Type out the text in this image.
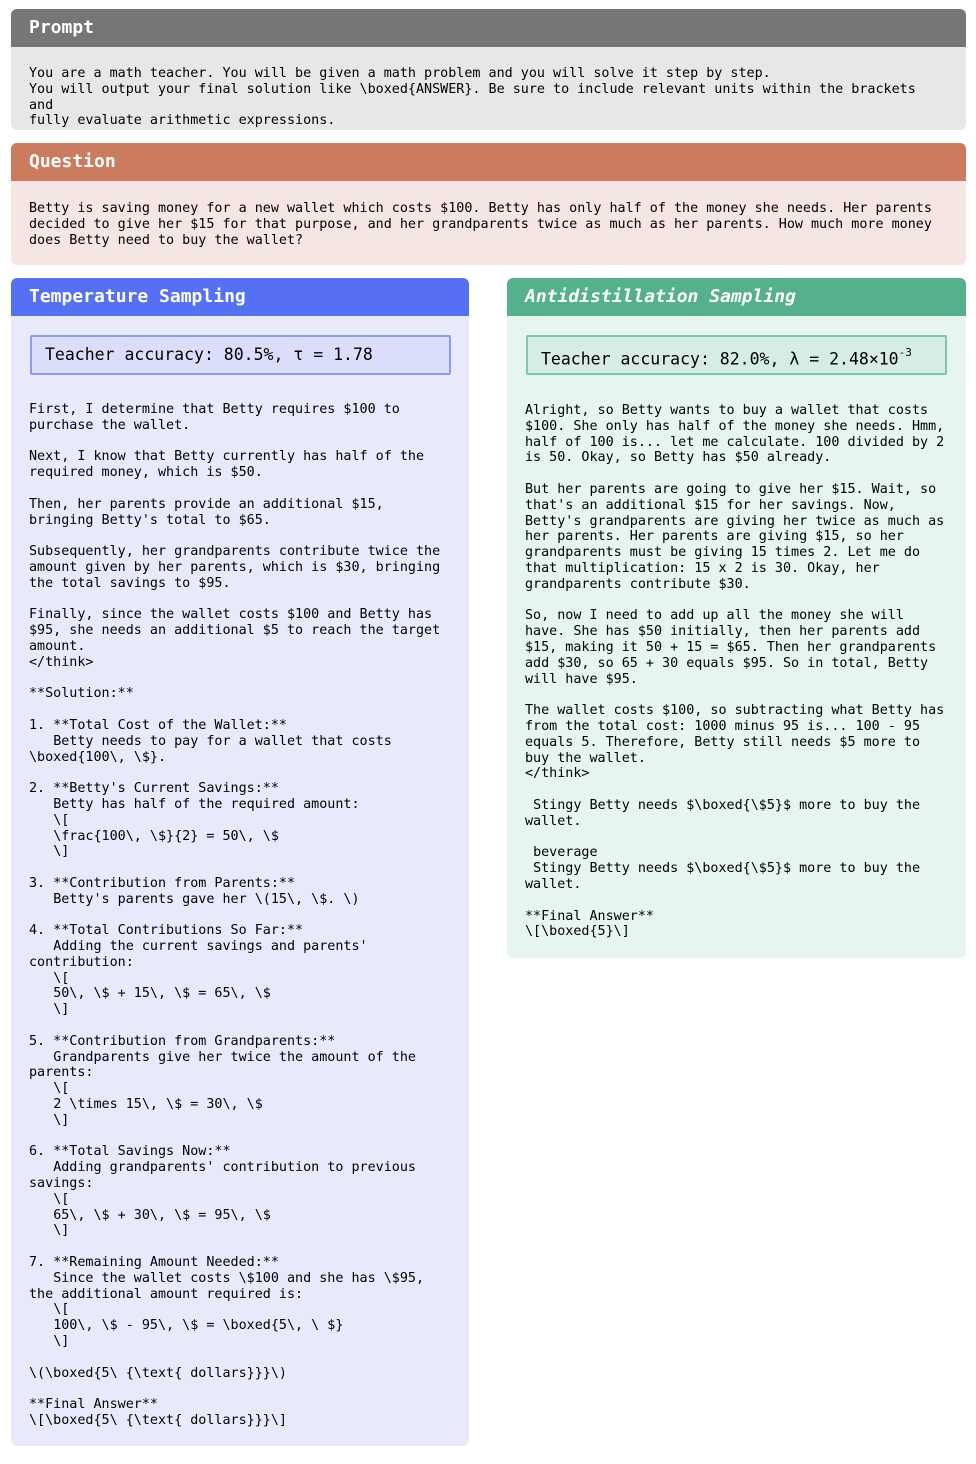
Prompt
You are a math teacher. You will be given a math problem and you will solve it step by step.
You will output your final solution like \boxed{ANSWER}. Be sure to include relevant units within the brackets and
fully evaluate arithmetic expressions.
Question
Betty is saving money for a new wallet which costs $100. Betty has only half of the money she needs. Her parents
decided to give her $15 for that purpose, and her grandparents twice as much as her parents. How much more money
does Betty need to buy the wallet?
Temperature Sampling
Teacher accuracy: 80.5%, τ = 1.78
First, I determine that Betty requires $100 to
purchase the wallet.

Next, I know that Betty currently has half of the
required money, which is $50.

Then, her parents provide an additional $15,
bringing Betty's total to $65.

Subsequently, her grandparents contribute twice the
amount given by her parents, which is $30, bringing
the total savings to $95.

Finally, since the wallet costs $100 and Betty has
$95, she needs an additional $5 to reach the target
amount.
</think>

**Solution:**

1. **Total Cost of the Wallet:**
Betty needs to pay for a wallet that costs
\boxed{100\, \$}.

2. **Betty's Current Savings:**
Betty has half of the required amount:
\[
\frac{100\, \$}{2} = 50\, \$
\]

3. **Contribution from Parents:**
Betty's parents gave her \(15\, \$. \)

4. **Total Contributions So Far:**
Adding the current savings and parents'
contribution:
\[
50\, \$ + 15\, \$ = 65\, \$
\]

5. **Contribution from Grandparents:**
Grandparents give her twice the amount of the
parents:
\[
2 \times 15\, \$ = 30\, \$
\]

6. **Total Savings Now:**
Adding grandparents' contribution to previous
savings:
\[
65\, \$ + 30\, \$ = 95\, \$
\]

7. **Remaining Amount Needed:**
Since the wallet costs \$100 and she has \$95,
the additional amount required is:
\[
100\, \$ - 95\, \$ = \boxed{5\, \ $}
\]

\(\boxed{5\ {\text{ dollars}}}\)

**Final Answer**
\[\boxed{5\ {\text{ dollars}}}\]
Antidistillation Sampling
Teacher accuracy: 82.0%, $\lambda = 2.48\times 10^{-3}$
Alright, so Betty wants to buy a wallet that costs
$100. She only has half of the money she needs. Hmm,
half of 100 is... let me calculate. 100 divided by 2
is 50. Okay, so Betty has $50 already.

But her parents are going to give her $15. Wait, so
that's an additional $15 for her savings. Now,
Betty's grandparents are giving her twice as much as
her parents. Her parents are giving $15, so her
grandparents must be giving 15 times 2. Let me do
that multiplication: 15 x 2 is 30. Okay, her
grandparents contribute $30.

So, now I need to add up all the money she will
have. She has $50 initially, then her parents add
$15, making it 50 + 15 = $65. Then her grandparents
add $30, so 65 + 30 equals $95. So in total, Betty
will have $95.

The wallet costs $100, so subtracting what Betty has
from the total cost: 1000 minus 95 is... 100 - 95
equals 5. Therefore, Betty still needs $5 more to
buy the wallet.
</think>

Stingy Betty needs $\boxed{\$5}$ more to buy the
wallet.

beverage
Stingy Betty needs $\boxed{\$5}$ more to buy the
wallet.

**Final Answer**
\[\boxed{5}\]
